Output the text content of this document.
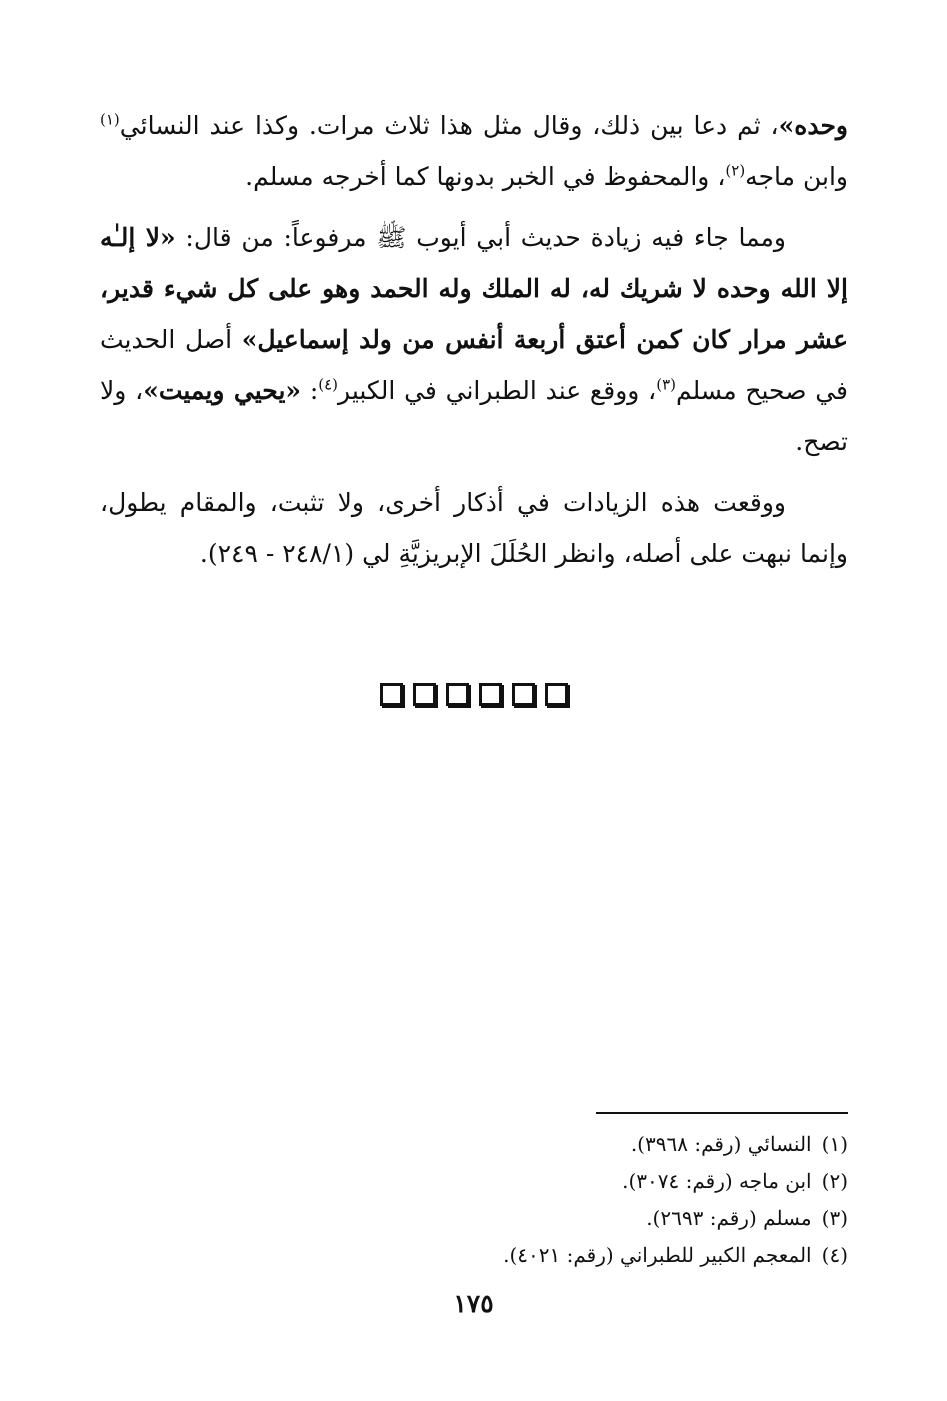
وحده»، ثم دعا بين ذلك، وقال مثل هذا ثلاث مرات. وكذا عند النسائي$^{(١)}$ وابن ماجه$^{(٢)}$، والمحفوظ في الخبر بدونها كما أخرجه مسلم.

ومما جاء فيه زيادة حديث أبي أيوب ﷺ مرفوعاً: من قال: «لا إلـٰه إلا الله وحده لا شريك له، له الملك وله الحمد وهو على كل شيء قدير، عشر مرار كان كمن أعتق أربعة أنفس من ولد إسماعيل» أصل الحديث في صحيح مسلم$^{(٣)}$، ووقع عند الطبراني في الكبير$^{(٤)}$: «يحيي ويميت»، ولا تصح.

ووقعت هذه الزيادات في أذكار أخرى، ولا تثبت، والمقام يطول، وإنما نبهت على أصله، وانظر الحُلَلَ الإبريزيَّةِ لي (٢٤٨/١ - ٢٤٩).

(١)النسائي (رقم: ٣٩٦٨).
(٢)ابن ماجه (رقم: ٣٠٧٤).
(٣)مسلم (رقم: ٢٦٩٣).
(٤)المعجم الكبير للطبراني (رقم: ٤٠٢١).
١٧٥
